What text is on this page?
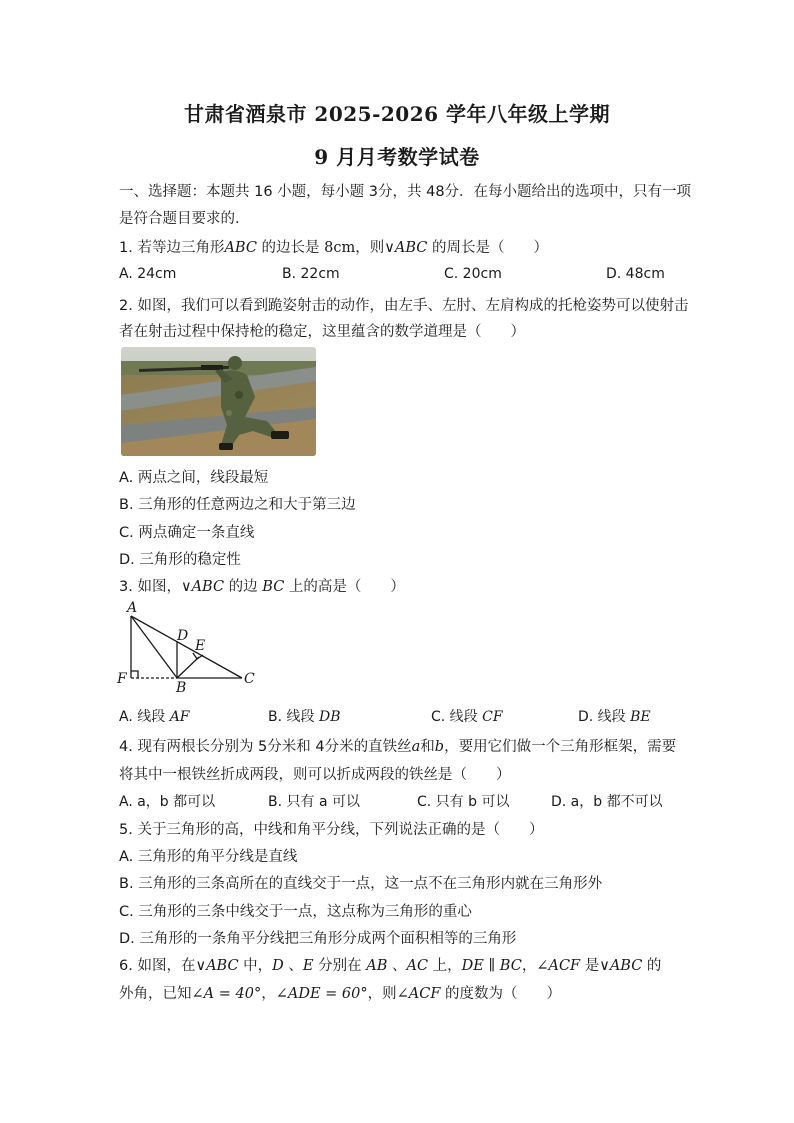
甘肃省酒泉市 2025-2026 学年八年级上学期
9 月月考数学试卷
一、选择题：本题共 16 小题，每小题 3分，共 48分．在每小题给出的选项中，只有一项
是符合题目要求的．
1. 若等边三角形ABC 的边长是 8cm，则∨ABC 的周长是（　　）
A. 24cm	B. 22cm	C. 20cm	D. 48cm
2. 如图，我们可以看到跪姿射击的动作，由左手、左肘、左肩构成的托枪姿势可以使射击
者在射击过程中保持枪的稳定，这里蕴含的数学道理是（　　）
A. 两点之间，线段最短
B. 三角形的任意两边之和大于第三边
C. 两点确定一条直线
D. 三角形的稳定性
3. 如图，∨ABC 的边 BC 上的高是（　　）
A
B
C
D
E
F
A. 线段 AF	B. 线段 DB	C. 线段 CF	D. 线段 BE
4. 现有两根长分别为 5分米和 4分米的直铁丝a和b，要用它们做一个三角形框架，需要
将其中一根铁丝折成两段，则可以折成两段的铁丝是（　　）
A. a，b 都可以	B. 只有 a 可以	C. 只有 b 可以	D. a，b 都不可以
5. 关于三角形的高，中线和角平分线，下列说法正确的是（　　）
A. 三角形的角平分线是直线
B. 三角形的三条高所在的直线交于一点，这一点不在三角形内就在三角形外
C. 三角形的三条中线交于一点，这点称为三角形的重心
D. 三角形的一条角平分线把三角形分成两个面积相等的三角形
6. 如图，在∨ABC 中，D 、E 分别在 AB 、AC 上，DE ∥ BC，∠ACF 是∨ABC 的
外角，已知∠A = 40°，∠ADE = 60°，则∠ACF 的度数为（　　）
